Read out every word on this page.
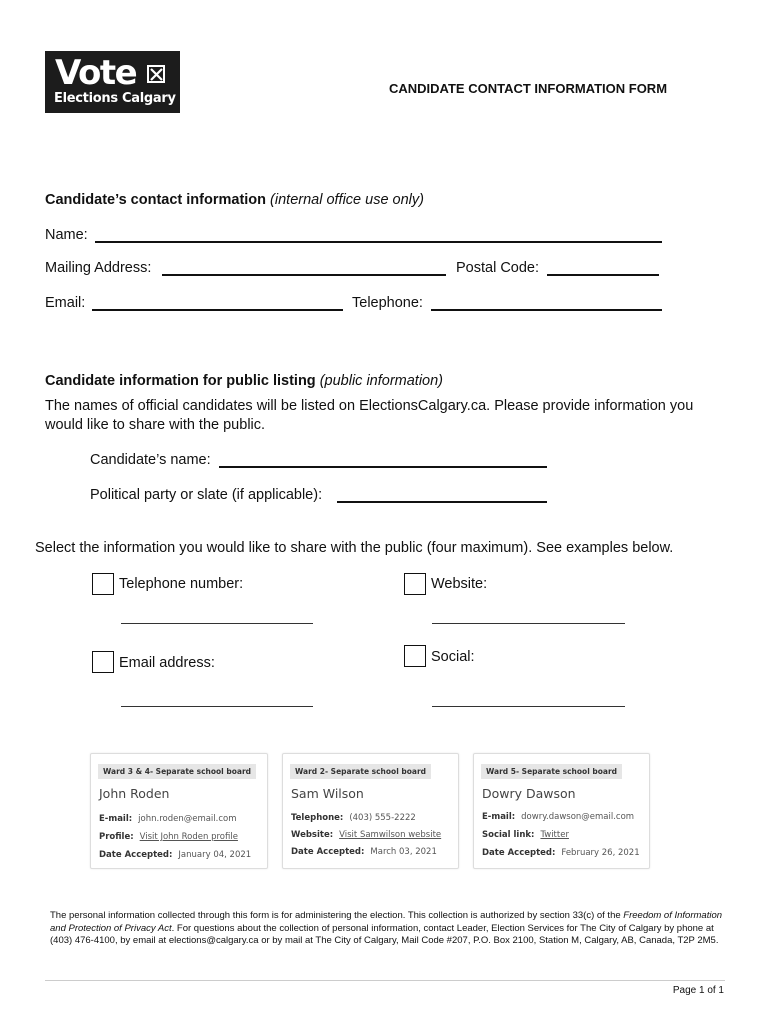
Vote
Elections Calgary
CANDIDATE CONTACT INFORMATION FORM
Candidate’s contact information (internal office use only)
Name:
Mailing Address:	Postal Code:
Email:	Telephone:
Candidate information for public listing (public information)
The names of official candidates will be listed on ElectionsCalgary.ca. Please provide information you would like to share with the public.
Candidate’s name:
Political party or slate (if applicable):
Select the information you would like to share with the public (four maximum). See examples below.
Telephone number:	Website:
Email address:	Social:
Ward 3 & 4- Separate school board
John Roden
E-mail: john.roden@email.com
Profile: Visit John Roden profile
Date Accepted: January 04, 2021
Ward 2- Separate school board
Sam Wilson
Telephone: (403) 555-2222
Website: Visit Samwilson website
Date Accepted: March 03, 2021
Ward 5- Separate school board
Dowry Dawson
E-mail: dowry.dawson@email.com
Social link: Twitter
Date Accepted: February 26, 2021
The personal information collected through this form is for administering the election. This collection is authorized by section 33(c) of the Freedom of Information and Protection of Privacy Act. For questions about the collection of personal information, contact Leader, Election Services for The City of Calgary by phone at (403) 476-4100, by email at elections@calgary.ca or by mail at The City of Calgary, Mail Code #207, P.O. Box 2100, Station M, Calgary, AB, Canada, T2P 2M5.
Page 1 of 1
